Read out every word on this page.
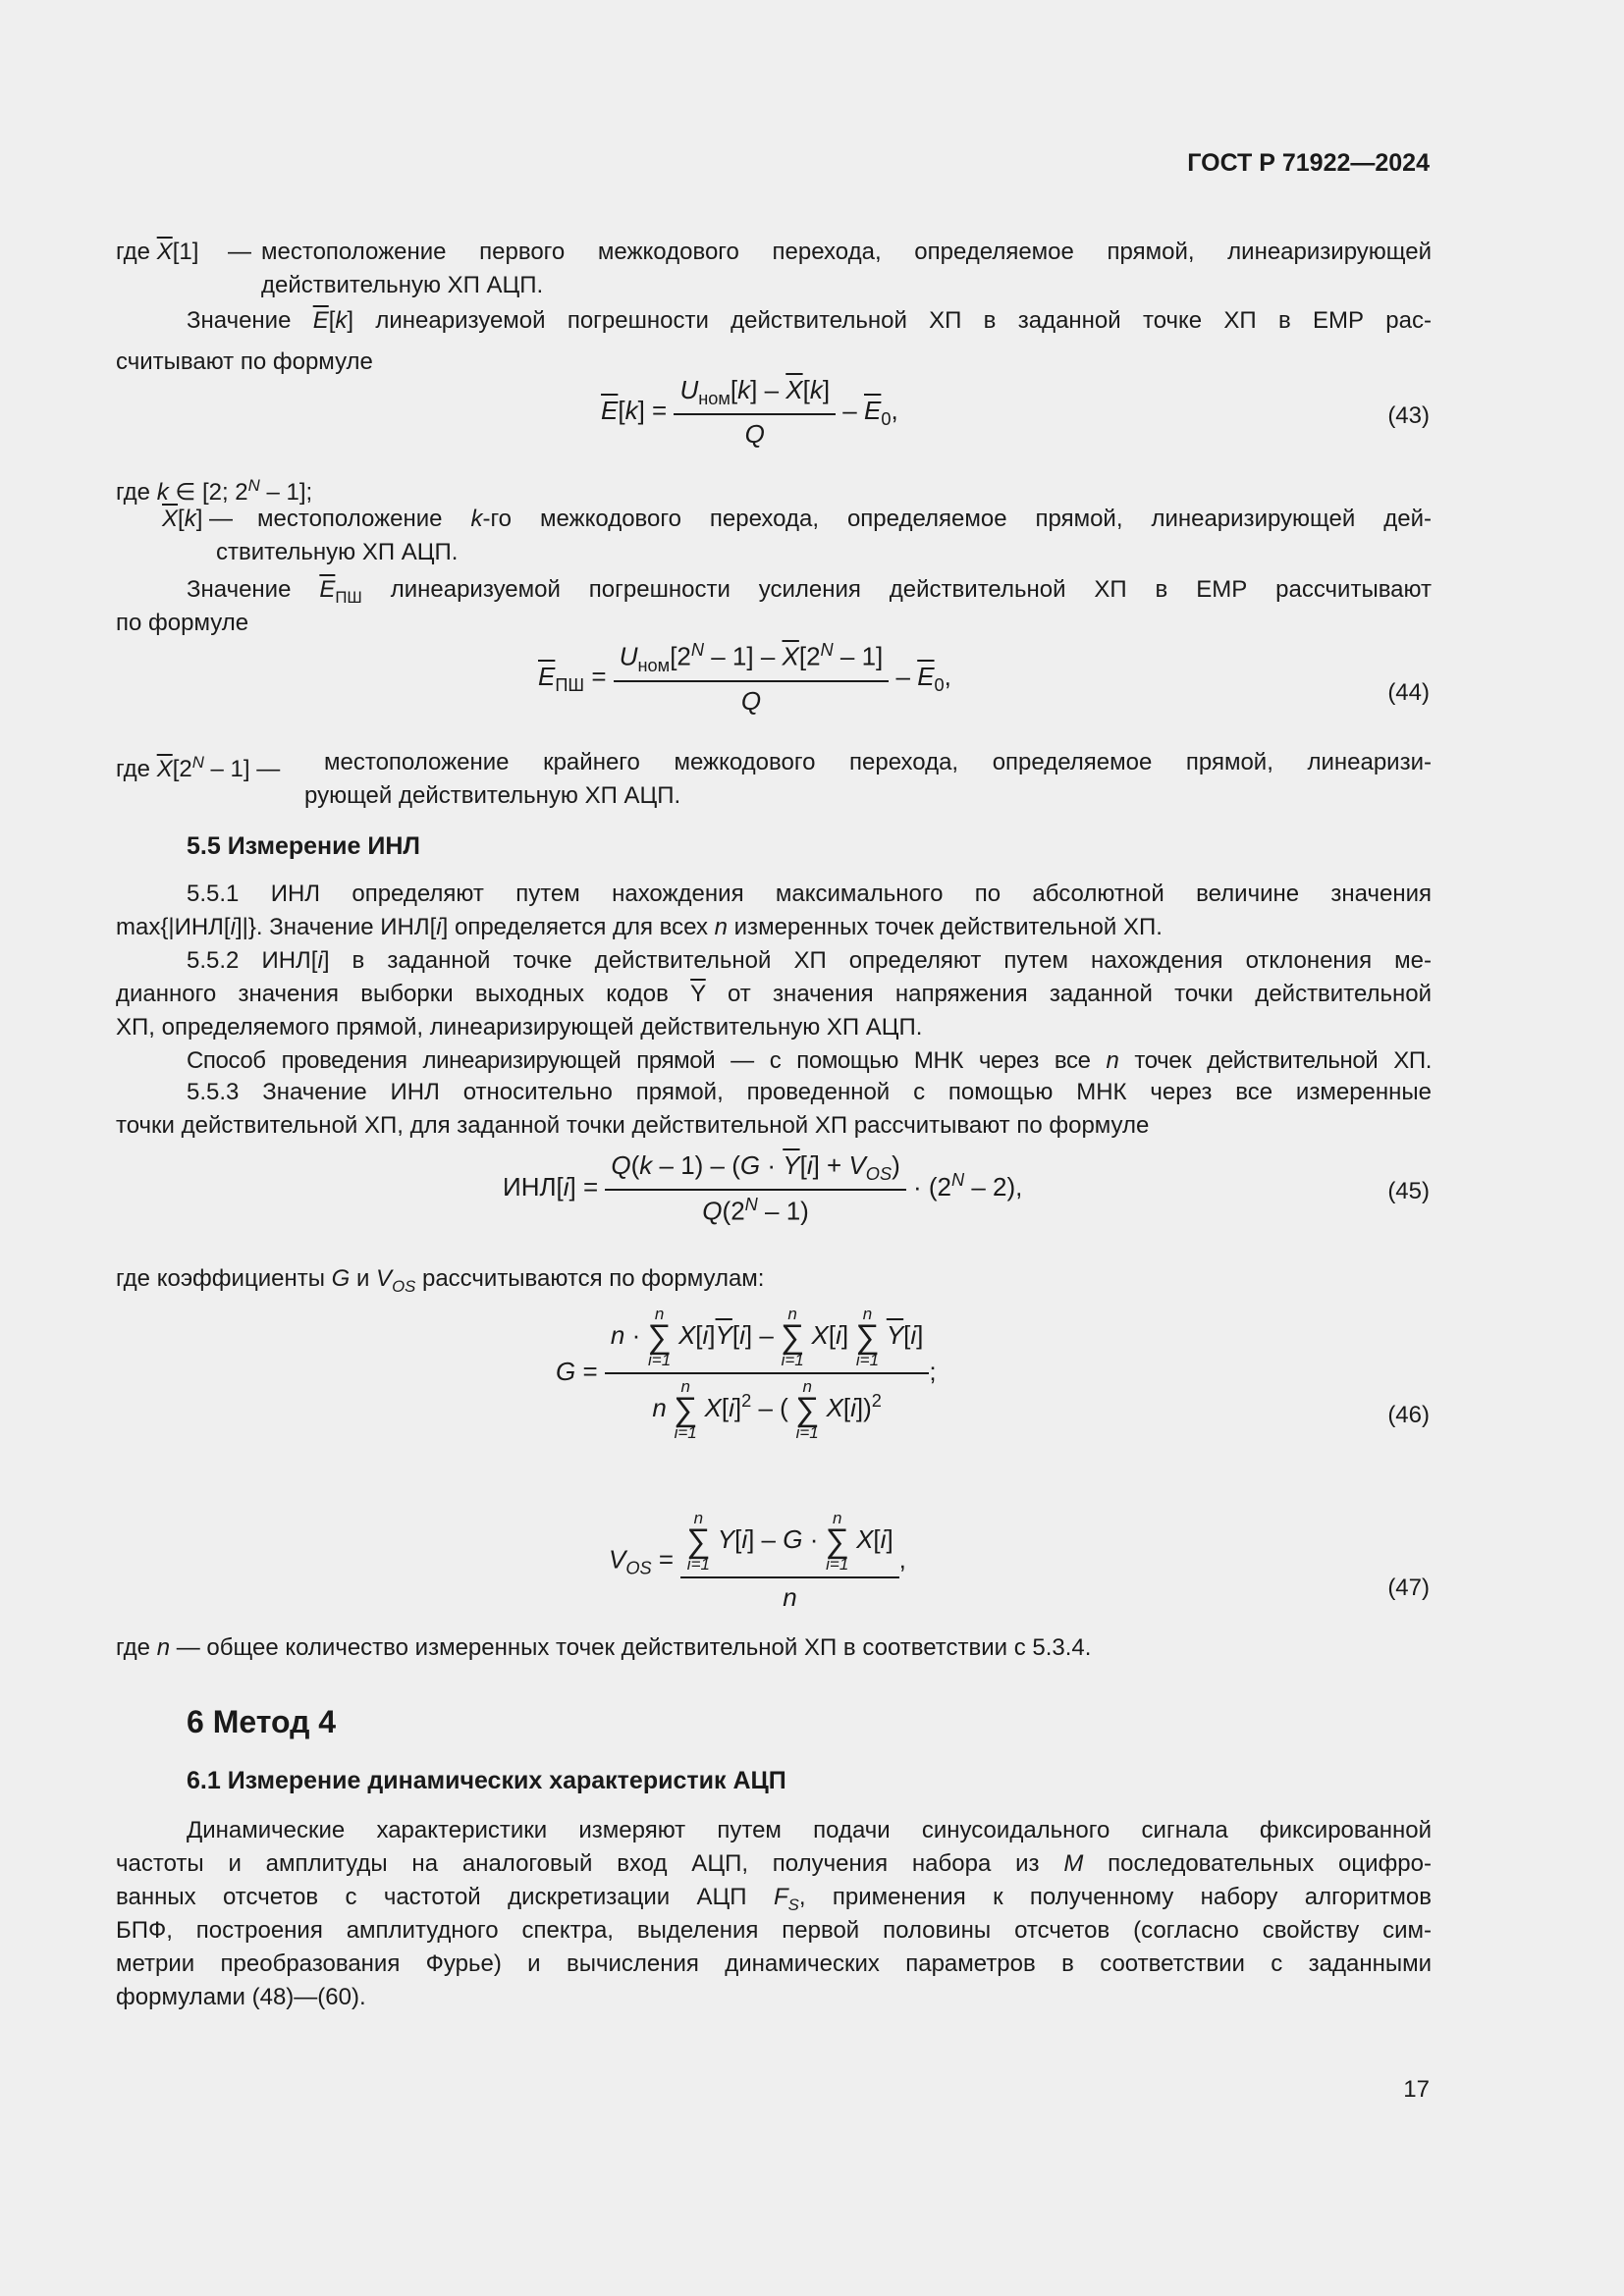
ГОСТ Р 71922—2024
где $\overline{X}[1]$ — местоположение первого межкодового перехода, определяемое прямой, линеаризирующей
действительную ХП АЦП.
Значение $\overline{E}[k]$ линеаризуемой погрешности действительной ХП в заданной точке ХП в ЕМР рас-
считывают по формуле
$\overline{E}[k] = \frac{U_{ном}[k] - \overline{X}[k]}{Q} - \overline{E}_0$,	(43)
где k ∈ [2; $2^N - 1$];
$\overline{X}[k]$ — местоположение k-го межкодового перехода, определяемое прямой, линеаризирующей дей-
ствительную ХП АЦП.
Значение $\overline{E}_{ПШ}$ линеаризуемой погрешности усиления действительной ХП в ЕМР рассчитывают
по формуле
$\overline{E}_{ПШ} = \frac{U_{ном}[2^N - 1] - \overline{X}[2^N - 1]}{Q} - \overline{E}_0$,
(44)
где $\overline{X}[2^N - 1]$ — местоположение крайнего межкодового перехода, определяемое прямой, линеаризи-
рующей действительную ХП АЦП.
5.5 Измерение ИНЛ
5.5.1 ИНЛ определяют путем нахождения максимального по абсолютной величине значения
max{|ИНЛ[i]|}. Значение ИНЛ[i] определяется для всех n измеренных точек действительной ХП.
5.5.2 ИНЛ[i] в заданной точке действительной ХП определяют путем нахождения отклонения ме-
дианного значения выборки выходных кодов $\overline{Y}$ от значения напряжения заданной точки действительной
ХП, определяемого прямой, линеаризирующей действительную ХП АЦП.
Способ проведения линеаризирующей прямой — с помощью МНК через все n точек действительной ХП.
5.5.3 Значение ИНЛ относительно прямой, проведенной с помощью МНК через все измеренные
точки действительной ХП, для заданной точки действительной ХП рассчитывают по формуле
$ИНЛ[i] = \frac{Q(k - 1) - (G \cdot \overline{Y}[i] + V_{OS})}{Q(2^N - 1)} \cdot (2^N - 2)$,	(45)
где коэффициенты G и $V_{OS}$ рассчитываются по формулам:
G =
n ·
n
∑
i=1
$X[i]\overline{Y}[i]$ –
n
∑
i=1
X[i]
n
∑
i=1
$\overline{Y}[i]$
n
n
∑
i=1
$X[i]^2$ – (
n
∑
i=1
X[i])$^2$
;
(46)
$V_{OS} = n$
∑
i=1
Y[i] – G ·
n
∑
i=1
X[i]
n ,
(47)
где n — общее количество измеренных точек действительной ХП в соответствии с 5.3.4.
6 Метод 4
6.1 Измерение динамических характеристик АЦП
Динамические характеристики измеряют путем подачи синусоидального сигнала фиксированной
частоты и амплитуды на аналоговый вход АЦП, получения набора из M последовательных оцифро-
ванных отсчетов с частотой дискретизации АЦП $F_S$, применения к полученному набору алгоритмов
БПФ, построения амплитудного спектра, выделения первой половины отсчетов (согласно свойству сим-
метрии преобразования Фурье) и вычисления динамических параметров в соответствии с заданными
формулами (48)—(60).
17
